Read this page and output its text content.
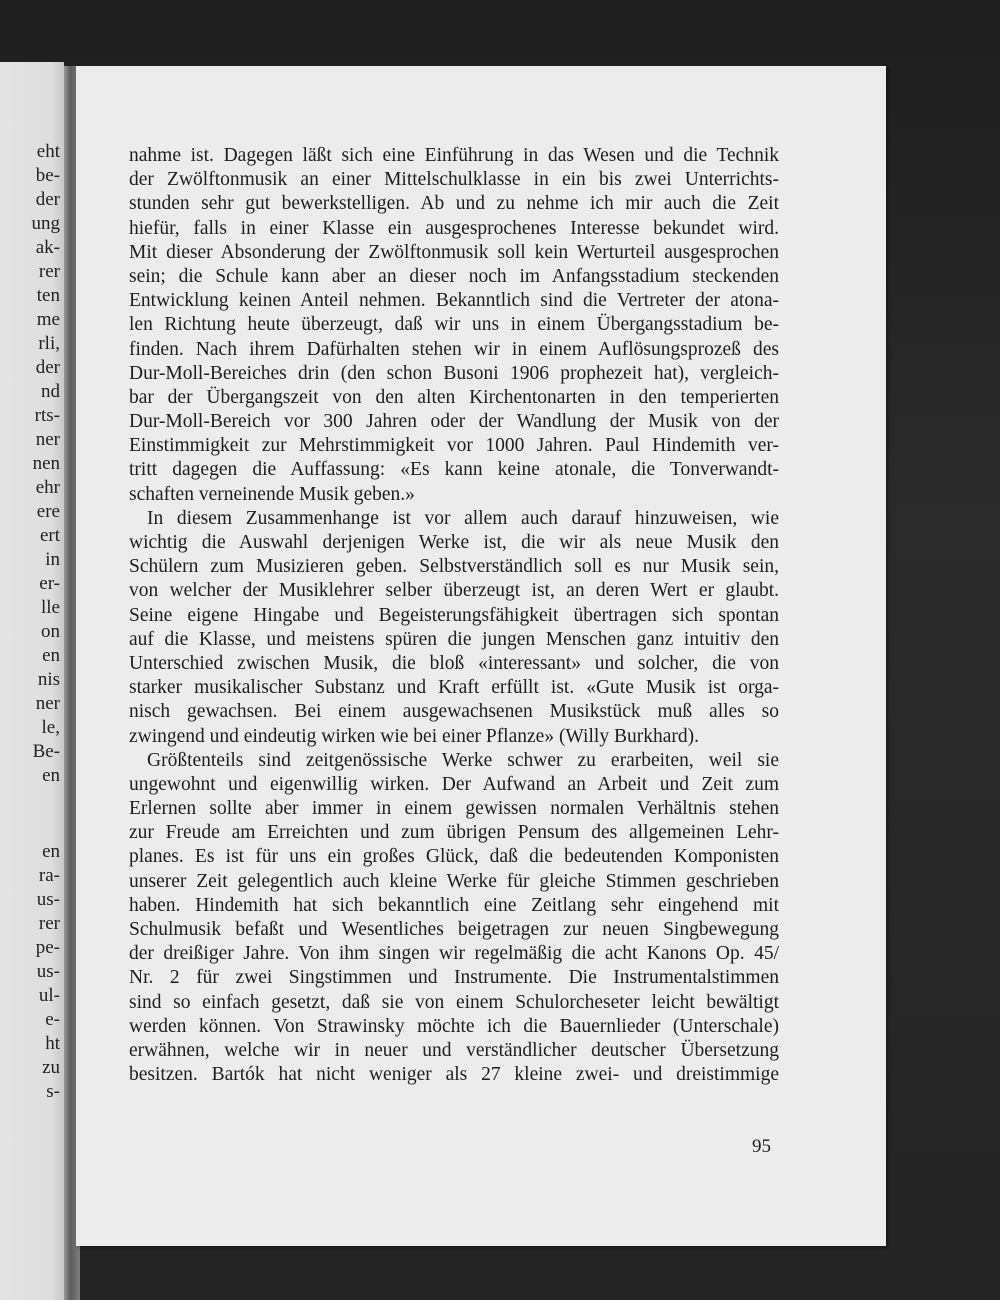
eht
be-
der
ung
ak-
rer
ten
me
rli,
der
nd
rts-
ner
nen
ehr
ere
ert
in
er-
lle
on
en
nis
ner
le,
Be-
en
en
ra-
us-
rer
pe-
us-
ul-
e-
ht
zu
s-
nahme ist. Dagegen läßt sich eine Einführung in das Wesen und die Technik
der Zwölftonmusik an einer Mittelschulklasse in ein bis zwei Unterrichts-
stunden sehr gut bewerkstelligen. Ab und zu nehme ich mir auch die Zeit
hiefür, falls in einer Klasse ein ausgesprochenes Interesse bekundet wird.
Mit dieser Absonderung der Zwölftonmusik soll kein Werturteil ausgesprochen
sein; die Schule kann aber an dieser noch im Anfangsstadium steckenden
Entwicklung keinen Anteil nehmen. Bekanntlich sind die Vertreter der atona-
len Richtung heute überzeugt, daß wir uns in einem Übergangsstadium be-
finden. Nach ihrem Dafürhalten stehen wir in einem Auflösungsprozeß des
Dur-Moll-Bereiches drin (den schon Busoni 1906 prophezeit hat), vergleich-
bar der Übergangszeit von den alten Kirchentonarten in den temperierten
Dur-Moll-Bereich vor 300 Jahren oder der Wandlung der Musik von der
Einstimmigkeit zur Mehrstimmigkeit vor 1000 Jahren. Paul Hindemith ver-
tritt dagegen die Auffassung: «Es kann keine atonale, die Tonverwandt-
schaften verneinende Musik geben.»
In diesem Zusammenhange ist vor allem auch darauf hinzuweisen, wie
wichtig die Auswahl derjenigen Werke ist, die wir als neue Musik den
Schülern zum Musizieren geben. Selbstverständlich soll es nur Musik sein,
von welcher der Musiklehrer selber überzeugt ist, an deren Wert er glaubt.
Seine eigene Hingabe und Begeisterungsfähigkeit übertragen sich spontan
auf die Klasse, und meistens spüren die jungen Menschen ganz intuitiv den
Unterschied zwischen Musik, die bloß «interessant» und solcher, die von
starker musikalischer Substanz und Kraft erfüllt ist. «Gute Musik ist orga-
nisch gewachsen. Bei einem ausgewachsenen Musikstück muß alles so
zwingend und eindeutig wirken wie bei einer Pflanze» (Willy Burkhard).
Größtenteils sind zeitgenössische Werke schwer zu erarbeiten, weil sie
ungewohnt und eigenwillig wirken. Der Aufwand an Arbeit und Zeit zum
Erlernen sollte aber immer in einem gewissen normalen Verhältnis stehen
zur Freude am Erreichten und zum übrigen Pensum des allgemeinen Lehr-
planes. Es ist für uns ein großes Glück, daß die bedeutenden Komponisten
unserer Zeit gelegentlich auch kleine Werke für gleiche Stimmen geschrieben
haben. Hindemith hat sich bekanntlich eine Zeitlang sehr eingehend mit
Schulmusik befaßt und Wesentliches beigetragen zur neuen Singbewegung
der dreißiger Jahre. Von ihm singen wir regelmäßig die acht Kanons Op. 45/
Nr. 2 für zwei Singstimmen und Instrumente. Die Instrumentalstimmen
sind so einfach gesetzt, daß sie von einem Schulorcheseter leicht bewältigt
werden können. Von Strawinsky möchte ich die Bauernlieder (Unterschale)
erwähnen, welche wir in neuer und verständlicher deutscher Übersetzung
besitzen. Bartók hat nicht weniger als 27 kleine zwei- und dreistimmige
95
